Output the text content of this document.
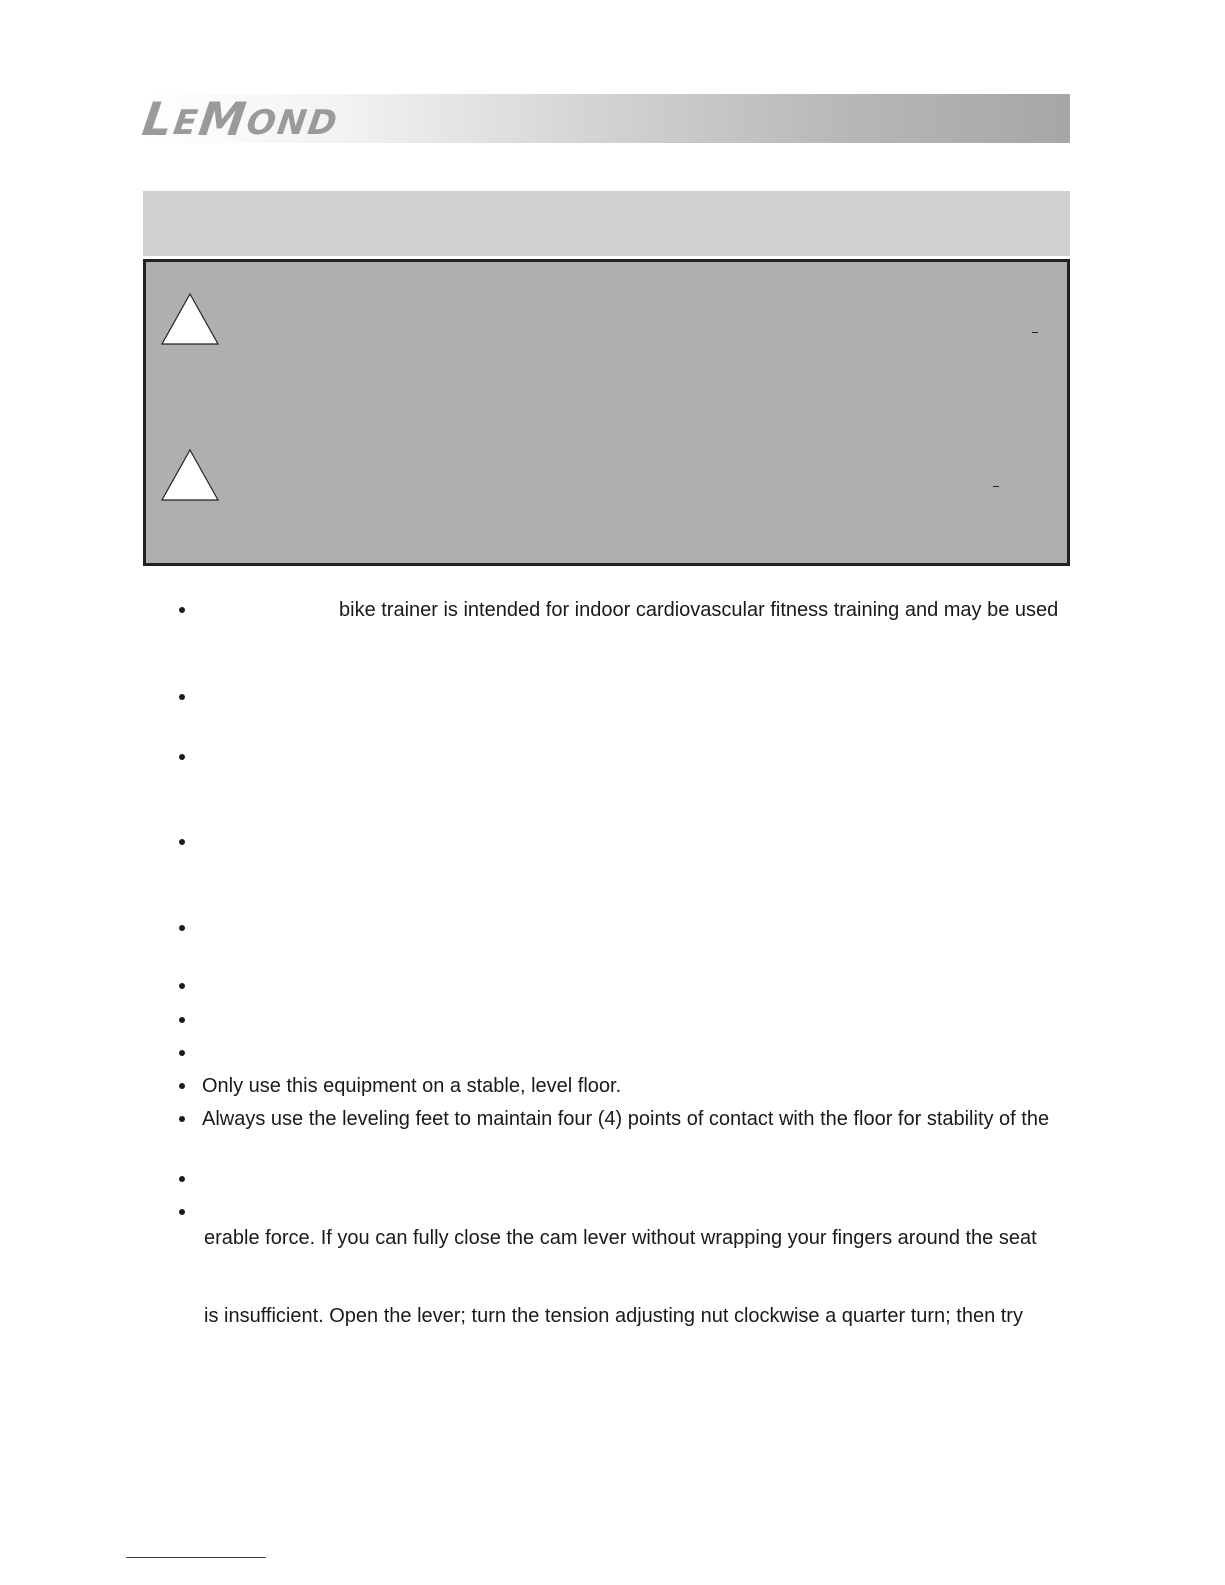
L
E
M
OND
bike trainer is intended for indoor cardiovascular fitness training and may be used
Only use this equipment on a stable, level floor.
Always use the leveling feet to maintain four (4) points of contact with the floor for stability of the
erable force. If you can fully close the cam lever without wrapping your fingers around the seat
is insufficient. Open the lever; turn the tension adjusting nut clockwise a quarter turn; then try
